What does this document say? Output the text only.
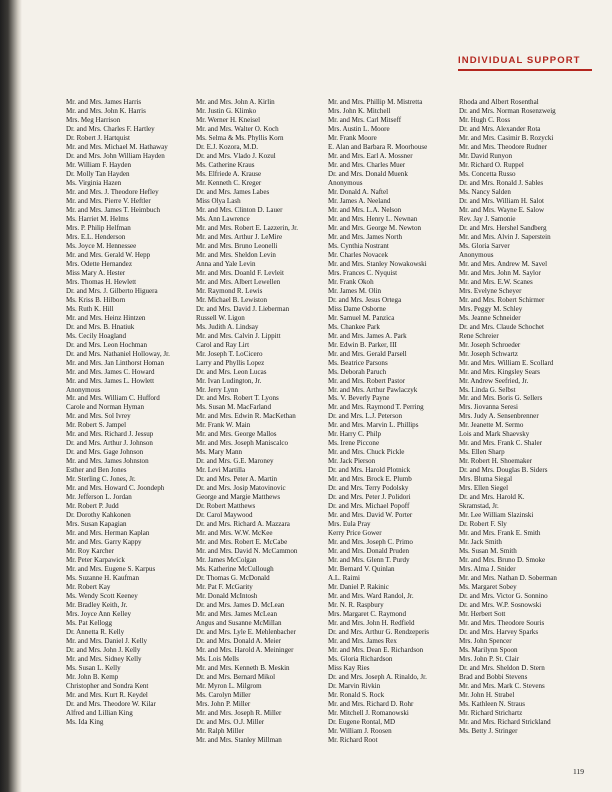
INDIVIDUAL SUPPORT
Mr. and Mrs. James Harris
Mr. and Mrs. John K. Harris
Mrs. Meg Harrison
Dr. and Mrs. Charles F. Hartley
Dr. Robert J. Hartquist
Mr. and Mrs. Michael M. Hathaway
Dr. and Mrs. John William Hayden
Mr. William F. Hayden
Dr. Molly Tan Hayden
Ms. Virginia Hazen
Mr. and Mrs. J. Theodore Hefley
Mr. and Mrs. Pierre V. Heftler
Mr. and Mrs. James T. Heimbuch
Ms. Harriet M. Helms
Mrs. P. Philip Helfman
Mrs. E.L. Henderson
Ms. Joyce M. Hennessee
Mr. and Mrs. Gerald W. Hepp
Mrs. Odette Hernandez
Miss Mary A. Hester
Mrs. Thomas H. Hewlett
Dr. and Mrs. J. Gilberto Higuera
Ms. Kriss B. Hilborn
Ms. Ruth K. Hill
Mr. and Mrs. Heinz Hintzen
Dr. and Mrs. B. Hnatiuk
Ms. Cecily Hoagland
Dr. and Mrs. Leon Hochman
Dr. and Mrs. Nathaniel Holloway, Jr.
Mr. and Mrs. Jan Linthorst Homan
Mr. and Mrs. James C. Howard
Mr. and Mrs. James L. Howlett
Anonymous
Mr. and Mrs. William C. Hufford
Carole and Norman Hyman
Mr. and Mrs. Sol Ivrey
Mr. Robert S. Jampel
Mr. and Mrs. Richard J. Jessup
Dr. and Mrs. Arthur J. Johnson
Dr. and Mrs. Gage Johnson
Mr. and Mrs. James Johnston
Esther and Ben Jones
Mr. Sterling C. Jones, Jr.
Mr. and Mrs. Howard C. Joondeph
Mr. Jefferson L. Jordan
Mr. Robert P. Judd
Dr. Dorothy Kahkonen
Mrs. Susan Kapagian
Mr. and Mrs. Herman Kaplan
Mr. and Mrs. Garry Kappy
Mr. Roy Karcher
Mr. Peter Karpawick
Mr. and Mrs. Eugene S. Karpus
Ms. Suzanne H. Kaufman
Mr. Robert Kay
Ms. Wendy Scott Keeney
Mr. Bradley Keith, Jr.
Mrs. Joyce Ann Kelley
Ms. Pat Kellogg
Dr. Annetta R. Kelly
Mr. and Mrs. Daniel J. Kelly
Dr. and Mrs. John J. Kelly
Mr. and Mrs. Sidney Kelly
Ms. Susan L. Kelly
Mr. John B. Kemp
Christopher and Sondra Kent
Mr. and Mrs. Kurt R. Keydel
Dr. and Mrs. Theodore W. Kilar
Alfred and Lillian King
Ms. Ida King
Mr. and Mrs. John A. Kirlin
Mr. Justin G. Klimko
Mr. Werner H. Kneisel
Mr. and Mrs. Walter O. Koch
Ms. Selma & Ms. Phyllis Korn
Dr. E.J. Kozora, M.D.
Dr. and Mrs. Vlado J. Kozul
Ms. Catherine Kraus
Ms. Elfriede A. Krause
Mr. Kenneth C. Kreger
Dr. and Mrs. James Labes
Miss Olya Lash
Mr. and Mrs. Clinton D. Lauer
Ms. Ann Lawrence
Mr. and Mrs. Robert E. Lazzerin, Jr.
Mr. and Mrs. Arthur J. LeMire
Mr. and Mrs. Bruno Leonelli
Mr. and Mrs. Sheldon Levin
Anna and Yale Levin
Mr. and Mrs. Doanld F. Levleit
Mr. and Mrs. Albert Lewellen
Mr. Raymond R. Lewis
Mr. Michael B. Lewiston
Dr. and Mrs. David J. Lieberman
Russell W. Ligon
Ms. Judith A. Lindsay
Mr. and Mrs. Calvin J. Lippitt
Carol and Ray Lirt
Mr. Joseph T. LoCicero
Larry and Phyllis Lopez
Dr. and Mrs. Leon Lucas
Mr. Ivan Ludington, Jr.
Mr. Jerry Lynn
Dr. and Mrs. Robert T. Lyons
Ms. Susan M. MacFarland
Mr. and Mrs. Edwin R. MacKethan
Mr. Frank W. Main
Mr. and Mrs. George Mallos
Mr. and Mrs. Joseph Maniscalco
Ms. Mary Mann
Dr. and Mrs. G.E. Maroney
Mr. Levi Martilla
Dr. and Mrs. Peter A. Martin
Dr. and Mrs. Josip Matovinovic
George and Margie Matthews
Dr. Robert Matthews
Dr. Carol Maywood
Dr. and Mrs. Richard A. Mazzara
Mr. and Mrs. W.W. McKee
Mr. and Mrs. Robert E. McCabe
Mr. and Mrs. David N. McCammon
Mr. James McColgan
Ms. Katherine McCullough
Dr. Thomas G. McDonald
Mr. Pat F. McGarity
Mr. Donald McIntosh
Dr. and Mrs. James D. McLean
Mr. and Mrs. James McLean
Angus and Susanne McMillan
Dr. and Mrs. Lyle E. Mehlenbacher
Dr. and Mrs. Donald A. Meier
Mr. and Mrs. Harold A. Meininger
Ms. Lois Mells
Mr. and Mrs. Kenneth B. Meskin
Dr. and Mrs. Bernard Mikol
Mr. Myron L. Milgrom
Ms. Carolyn Miller
Mrs. John P. Miller
Mr. and Mrs. Joseph R. Miller
Dr. and Mrs. O.J. Miller
Mr. Ralph Miller
Mr. and Mrs. Stanley Millman
Mr. and Mrs. Phillip M. Mistretta
Mrs. John K. Mitchell
Mr. and Mrs. Carl Mitseff
Mrs. Austin L. Moore
Mr. Frank Moore
E. Alan and Barbara R. Moorhouse
Mr. and Mrs. Earl A. Mossner
Mr. and Mrs. Charles Muer
Dr. and Mrs. Donald Muenk
Anonymous
Mr. Donald A. Naftel
Mr. James A. Neeland
Mr. and Mrs. L.A. Nelson
Mr. and Mrs. Henry L. Newnan
Mr. and Mrs. George M. Newton
Mr. and Mrs. James North
Ms. Cynthia Nostrant
Mr. Charles Novacek
Mr. and Mrs. Stanley Nowakowski
Mrs. Frances C. Nyquist
Mr. Frank Okoh
Mr. James M. Olin
Dr. and Mrs. Jesus Ortega
Miss Dame Osborne
Mr. Samuel M. Panzica
Ms. Chankee Park
Mr. and Mrs. James A. Park
Mr. Edwin B. Parker, III
Mr. and Mrs. Gerald Parsell
Ms. Beatrice Parsons
Ms. Deborah Paruch
Mr. and Mrs. Robert Pastor
Mr. and Mrs. Arthur Pawlaczyk
Ms. V. Beverly Payne
Mr. and Mrs. Raymond T. Perring
Dr. and Mrs. L.J. Peterson
Mr. and Mrs. Marvin L. Phillips
Mr. Harry C. Philp
Ms. Irene Piccone
Mr. and Mrs. Chuck Pickle
Mr. Jack Pierson
Dr. and Mrs. Harold Plotnick
Mr. and Mrs. Brock E. Plumb
Dr. and Mrs. Terry Podolsky
Dr. and Mrs. Peter J. Polidori
Dr. and Mrs. Michael Popoff
Mr. and Mrs. David W. Porter
Mrs. Eula Pray
Kerry Price Gower
Mr. and Mrs. Joseph C. Primo
Mr. and Mrs. Donald Pruden
Mr. and Mrs. Glenn T. Purdy
Mr. Bernard V. Quinlan
A.L. Raimi
Mr. Daniel P. Rakinic
Mr. and Mrs. Ward Randol, Jr.
Mr. N. R. Raspbury
Mrs. Margaret C. Raymond
Mr. and Mrs. John H. Redfield
Dr. and Mrs. Arthur G. Rendzeperis
Mr. and Mrs. James Rex
Mr. and Mrs. Dean E. Richardson
Ms. Gloria Richardson
Miss Kay Ries
Dr. and Mrs. Joseph A. Rinaldo, Jr.
Dr. Marvin Rivkin
Mr. Ronald S. Rock
Mr. and Mrs. Richard D. Rohr
Mr. Mitchell J. Romanowski
Dr. Eugene Rontal, MD
Mr. William J. Roosen
Mr. Richard Root
Rhoda and Albert Rosenthal
Dr. and Mrs. Norman Rosenzweig
Mr. Hugh C. Ross
Dr. and Mrs. Alexander Rota
Mr. and Mrs. Casimir B. Rozycki
Mr. and Mrs. Theodore Rudner
Mr. David Runyon
Mr. Richard O. Ruppel
Ms. Concetta Russo
Dr. and Mrs. Ronald J. Sables
Ms. Nancy Salden
Dr. and Mrs. William H. Salot
Mr. and Mrs. Wayne E. Salow
Rev. Jay J. Samonie
Dr. and Mrs. Hershel Sandberg
Mr. and Mrs. Alvin J. Saperstein
Ms. Gloria Sarver
Anonymous
Mr. and Mrs. Andrew M. Savel
Mr. and Mrs. John M. Saylor
Mr. and Mrs. E.W. Scanes
Mrs. Evelyne Scheyer
Mr. and Mrs. Robert Schirmer
Mrs. Peggy M. Schley
Ms. Jeanne Schneider
Dr. and Mrs. Claude Schochet
Rene Schreier
Mr. Joseph Schroeder
Mr. Joseph Schwartz
Mr. and Mrs. William E. Scollard
Mr. and Mrs. Kingsley Sears
Mr. Andrew Seefried, Jr.
Ms. Linda G. Selbst
Mr. and Mrs. Boris G. Sellers
Mrs. Jiovanna Seresi
Mrs. Judy A. Sensenbrenner
Mr. Jeanette M. Sermo
Lois and Mark Shaevsky
Mr. and Mrs. Frank C. Shaler
Ms. Ellen Sharp
Mr. Robert H. Shoemaker
Dr. and Mrs. Douglas B. Siders
Mrs. Bluma Siegal
Mrs. Ellen Siegel
Dr. and Mrs. Harold K.
Skramstad, Jr.
Mr. Lee William Slazinski
Dr. Robert F. Sly
Mr. and Mrs. Frank E. Smith
Mr. Jack Smith
Ms. Susan M. Smith
Mr. and Mrs. Bruno D. Smoke
Mrs. Alma J. Snider
Mr. and Mrs. Nathan D. Soberman
Ms. Margaret Sobey
Dr. and Mrs. Victor G. Sonnino
Dr. and Mrs. W.P. Sosnowski
Mr. Herbert Sott
Mr. and Mrs. Theodore Souris
Dr. and Mrs. Harvey Sparks
Mrs. John Spencer
Ms. Marilynn Spoon
Mrs. John P. St. Clair
Dr. and Mrs. Sheldon D. Stern
Brad and Bobbi Stevens
Mr. and Mrs. Mark C. Stevens
Mr. John H. Strabel
Ms. Kathleen N. Straus
Mr. Richard Strichartz
Mr. and Mrs. Richard Strickland
Ms. Betty J. Stringer
119
